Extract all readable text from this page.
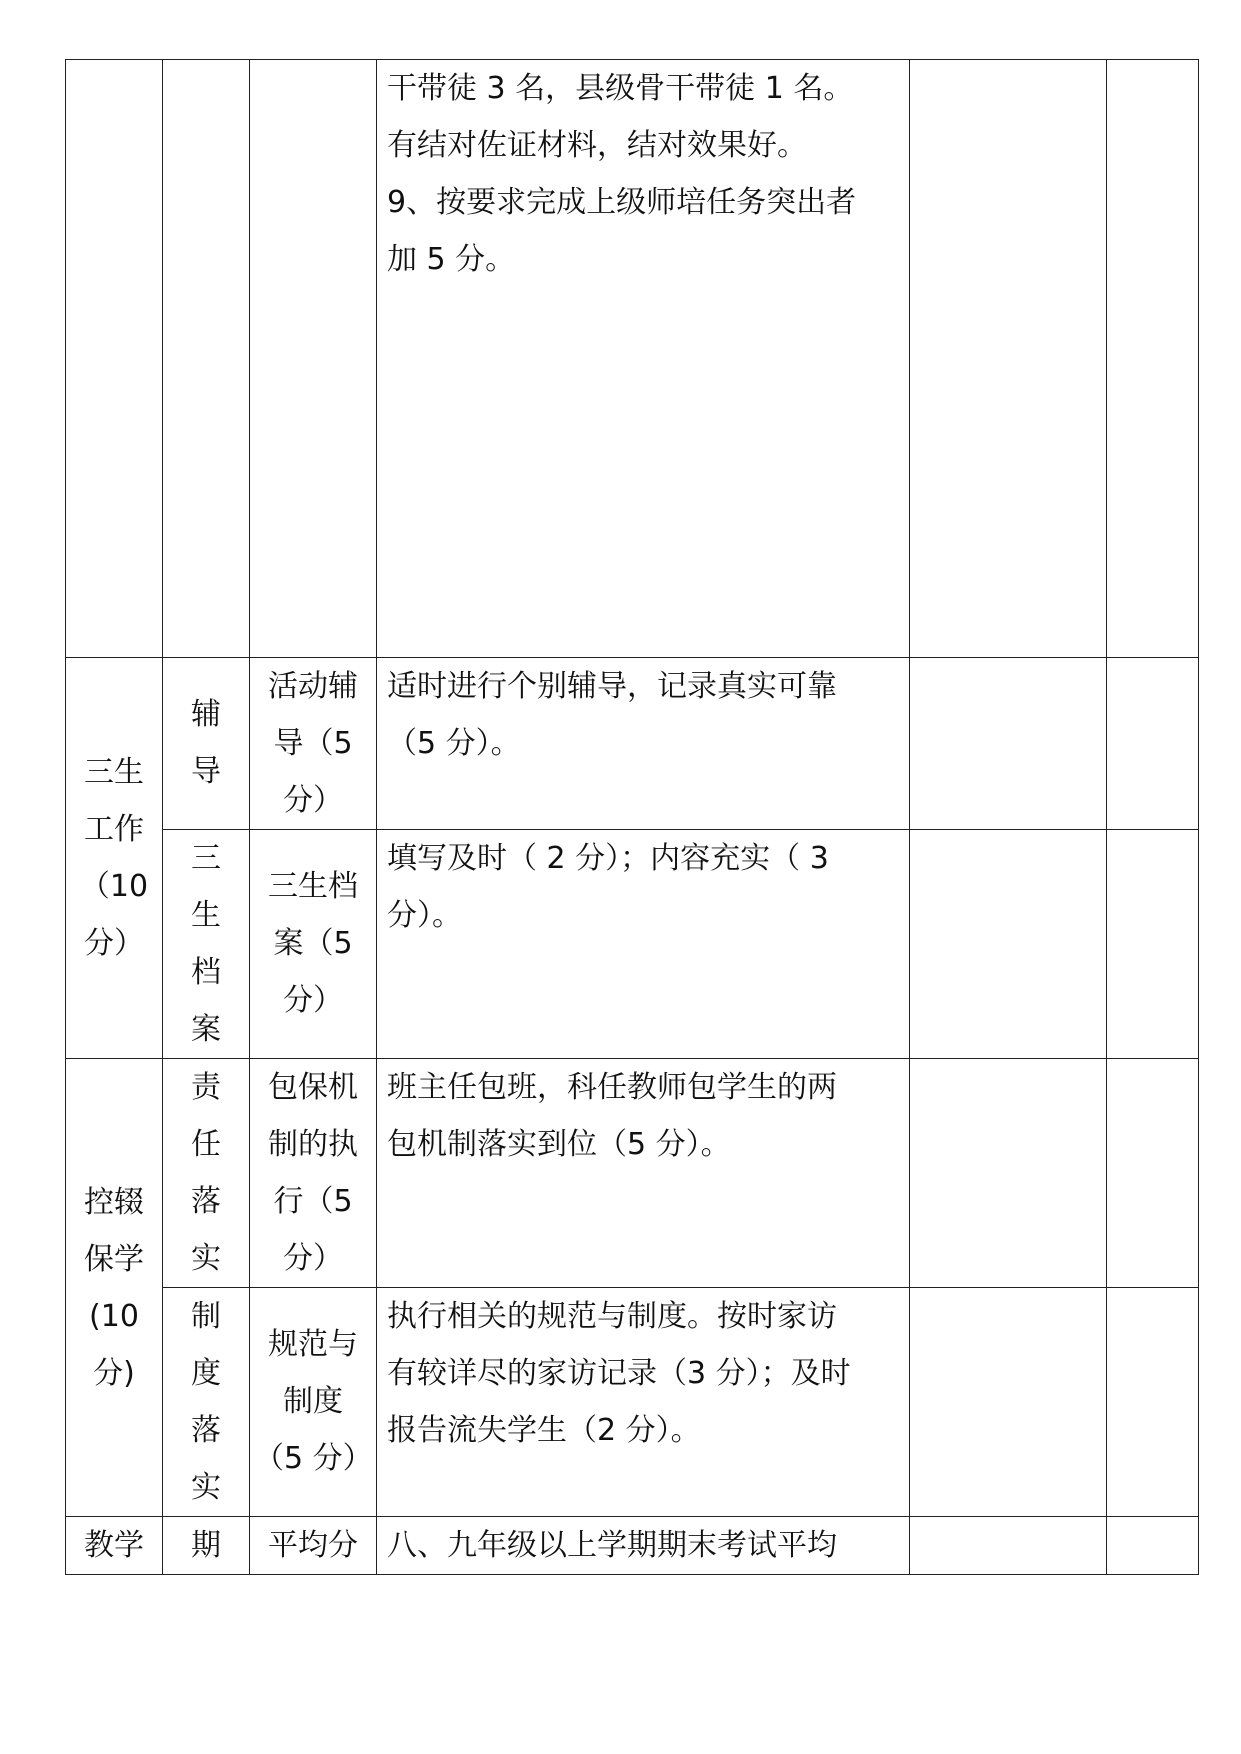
			干带徒 3 名，县级骨干带徒 1 名。
有结对佐证材料，结对效果好。
9、按要求完成上级师培任务突出者
加 5 分。		

三生
工作
（10
分）	辅导	活动辅
导（5
分）	适时进行个别辅导，记录真实可靠
（5 分）。		

	三生档案	三生档
案（5
分）	填写及时（ 2 分）；内容充实（ 3
分）。		

控辍
保学
(10
分)	责任落实	包保机
制的执
行（5
分）	班主任包班，科任教师包学生的两
包机制落实到位（5 分）。		

	制度落实	规范与
制度
（5 分）	执行相关的规范与制度。按时家访
有较详尽的家访记录（3 分）；及时
报告流失学生（2 分）。		

教学	期	平均分	八、九年级以上学期期末考试平均		
